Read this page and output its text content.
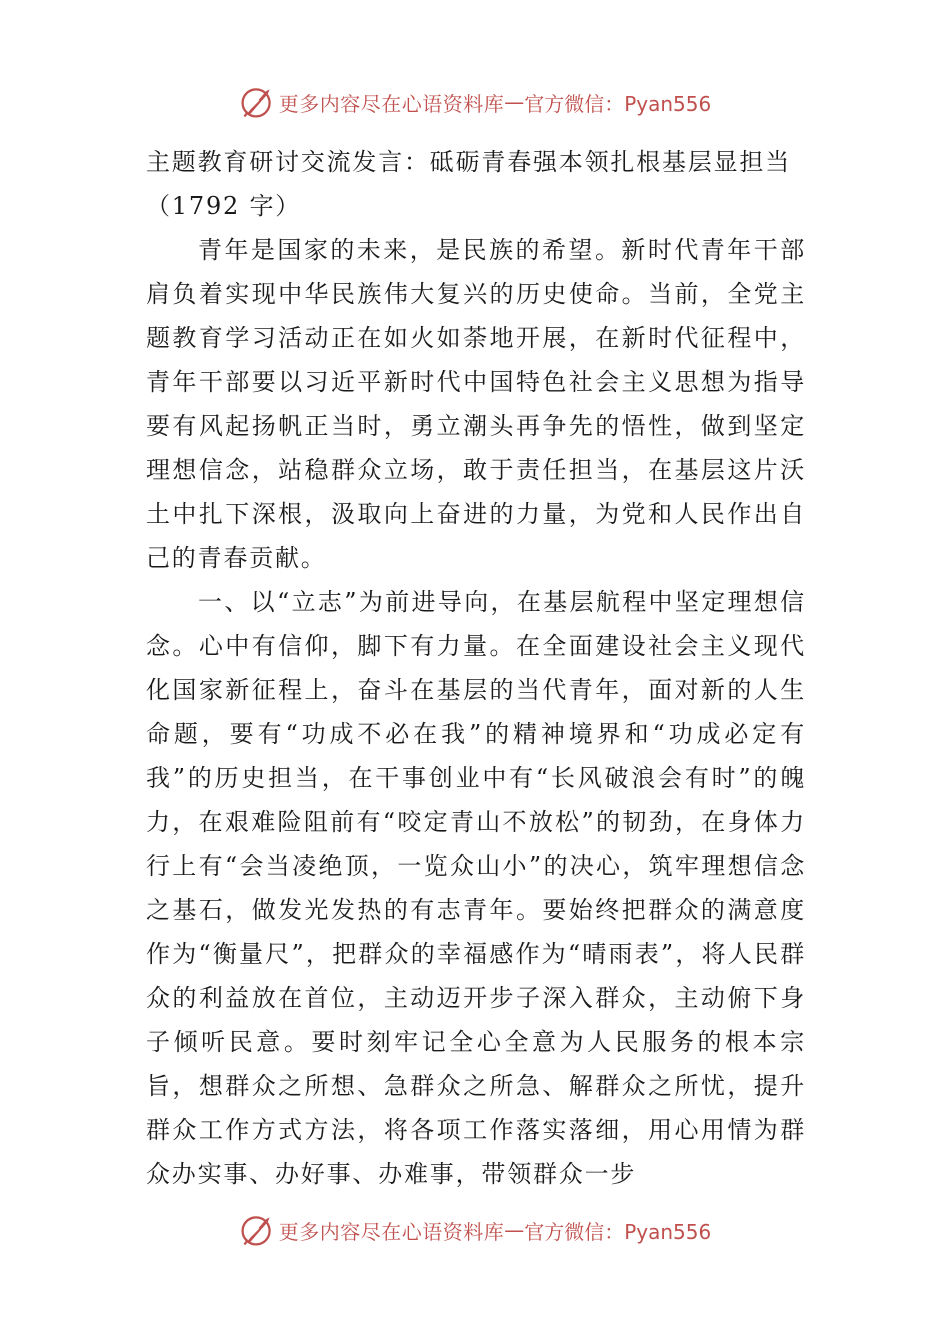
更多内容尽在心语资料库 — 官方微信：Pyan556
主题教育研讨交流发言：砥砺青春强本领扎根基层显担当（1792 字）

青年是国家的未来，是民族的希望。新时代青年干部肩负着实现中华民族伟大复兴的历史使命。当前，全党主题教育学习活动正在如火如荼地开展，在新时代征程中，青年干部要以习近平新时代中国特色社会主义思想为指导要有风起扬帆正当时，勇立潮头再争先的悟性，做到坚定理想信念，站稳群众立场，敢于责任担当，在基层这片沃土中扎下深根，汲取向上奋进的力量，为党和人民作出自己的青春贡献。

一、以“立志”为前进导向，在基层航程中坚定理想信念。心中有信仰，脚下有力量。在全面建设社会主义现代化国家新征程上，奋斗在基层的当代青年，面对新的人生命题，要有“功成不必在我”的精神境界和“功成必定有我”的历史担当，在干事创业中有“长风破浪会有时”的魄力，在艰难险阻前有“咬定青山不放松”的韧劲，在身体力行上有“会当凌绝顶，一览众山小”的决心，筑牢理想信念之基石，做发光发热的有志青年。要始终把群众的满意度作为“衡量尺”，把群众的幸福感作为“晴雨表”，将人民群众的利益放在首位，主动迈开步子深入群众，主动俯下身子倾听民意。要时刻牢记全心全意为人民服务的根本宗旨，想群众之所想、急群众之所急、解群众之所忧，提升群众工作方式方法，将各项工作落实落细，用心用情为群众办实事、办好事、办难事，带领群众一步

更多内容尽在心语资料库 — 官方微信：Pyan556
